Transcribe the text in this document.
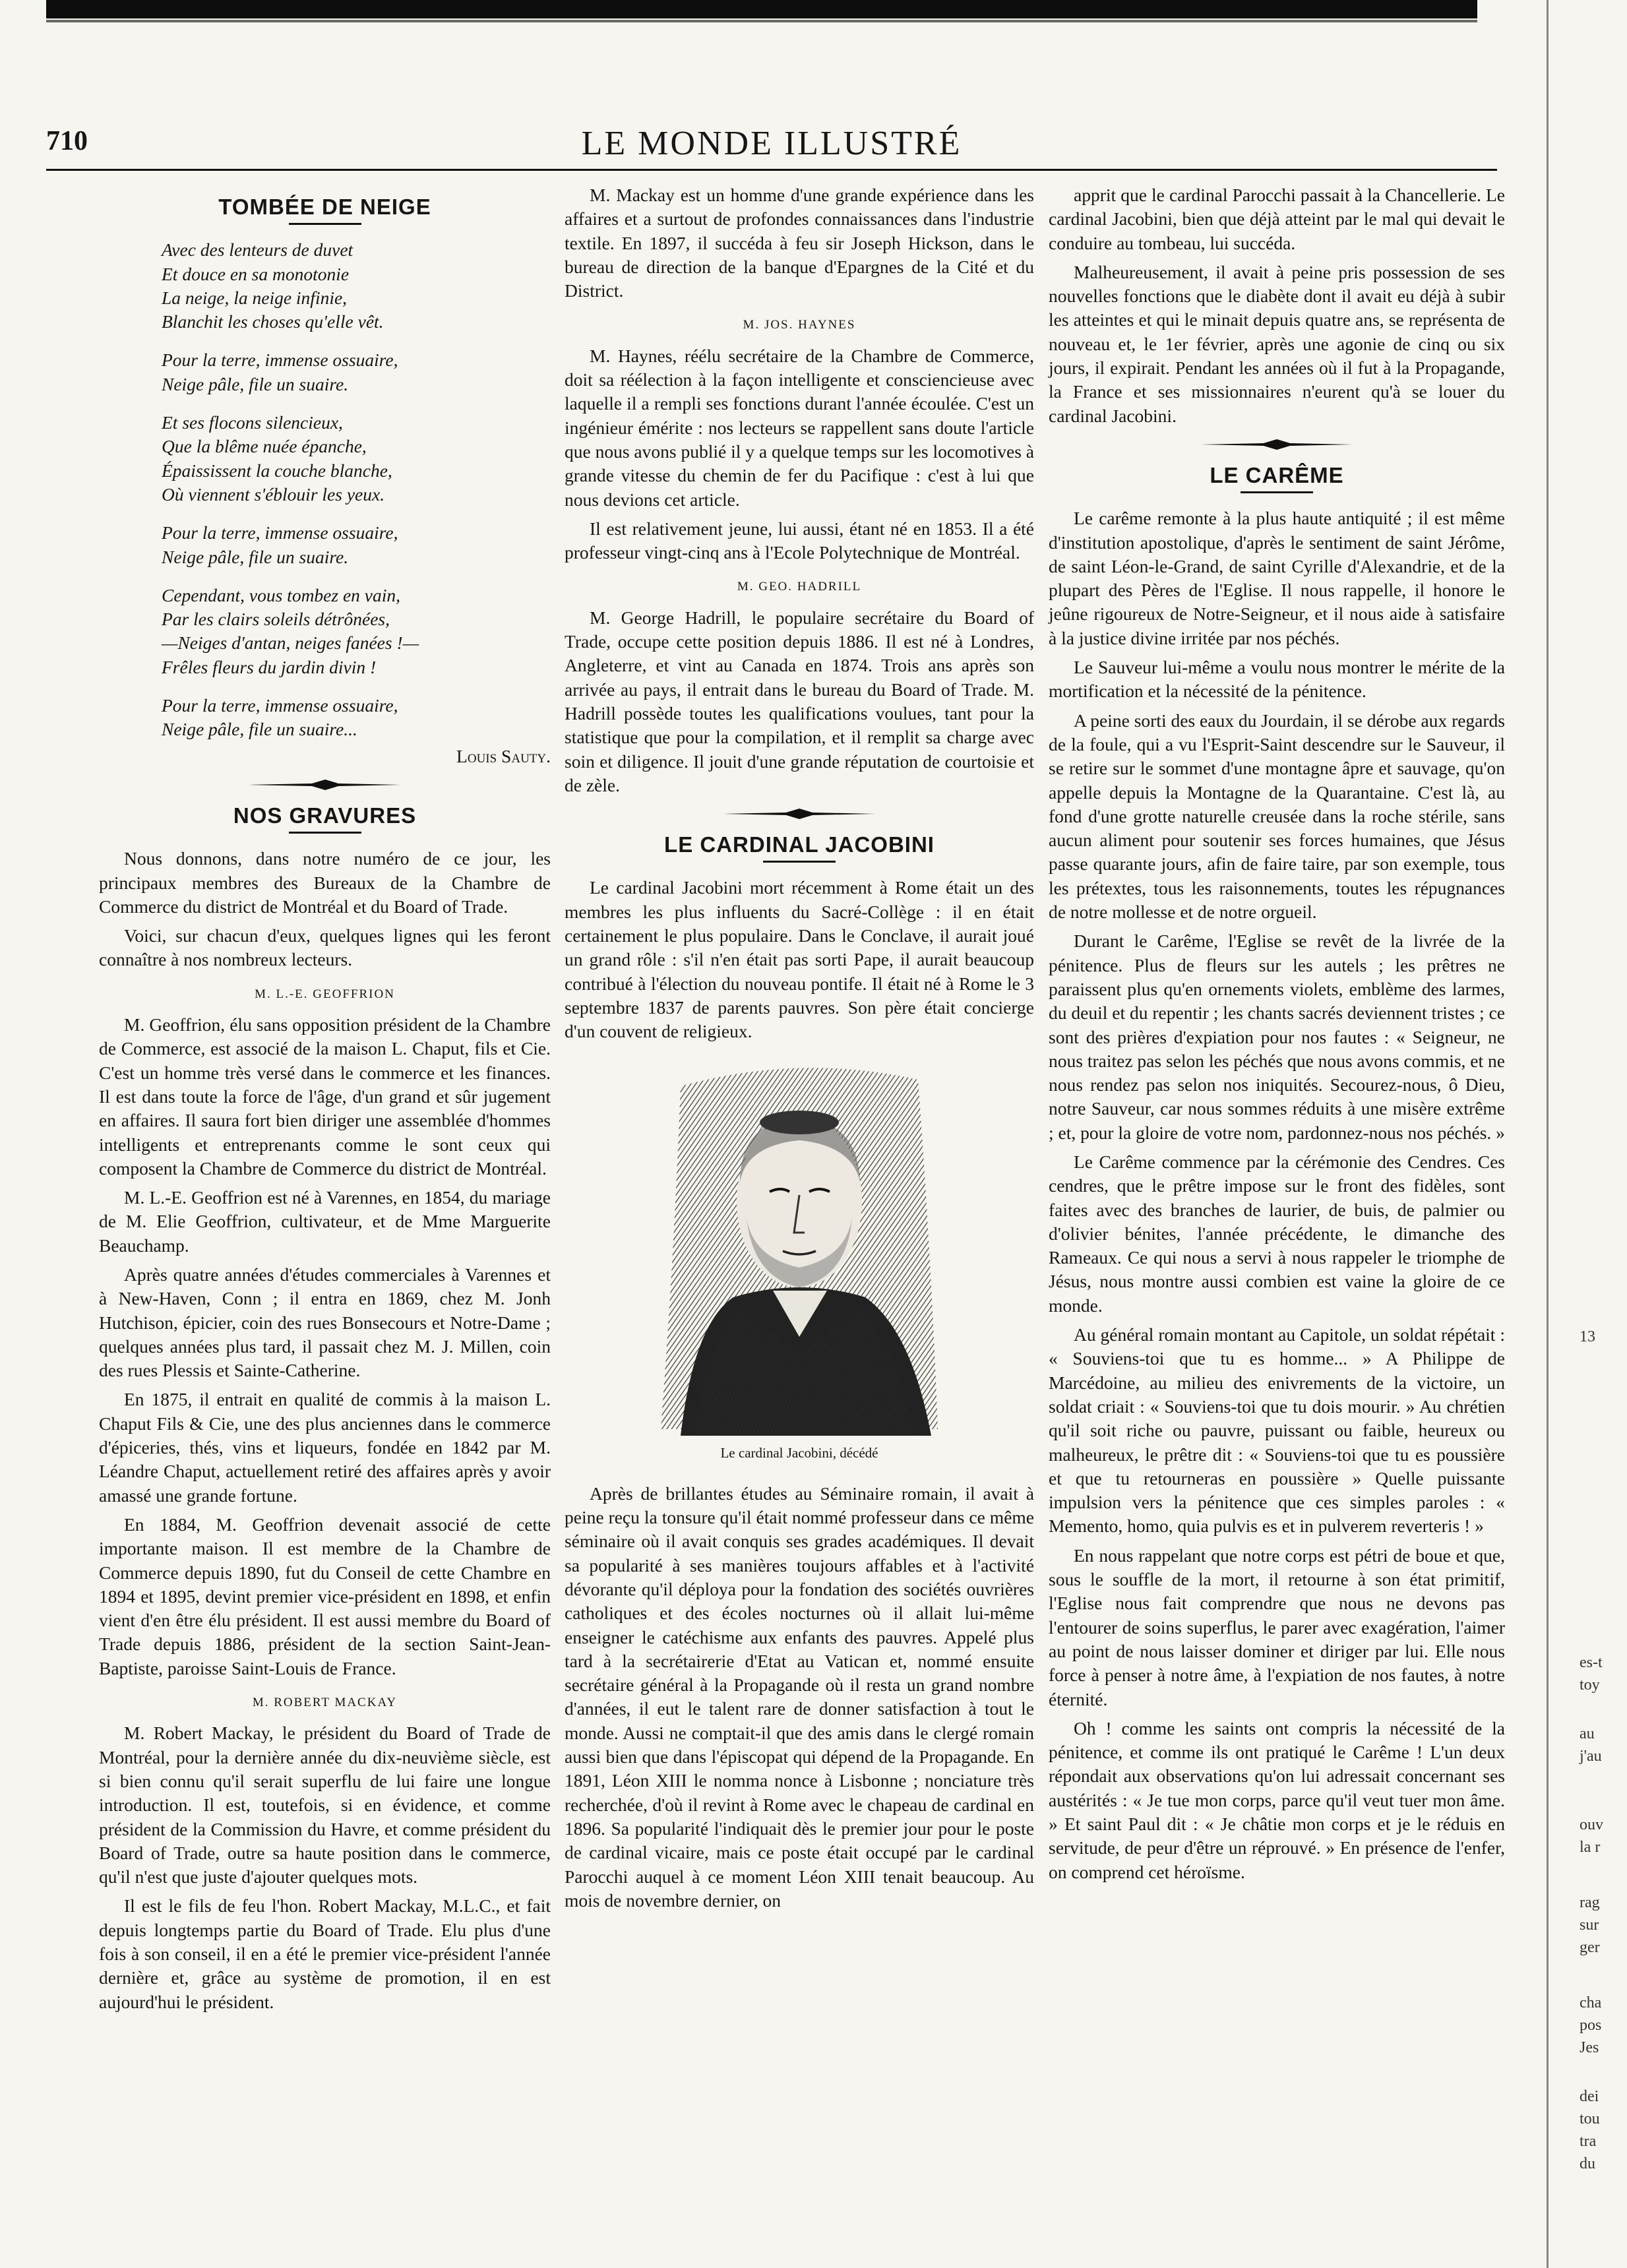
LE MONDE ILLUSTRÉ
710
TOMBÉE DE NEIGE
Avec des lenteurs de duvet
Et douce en sa monotonie
La neige, la neige infinie,
Blanchit les choses qu'elle vêt.
Pour la terre, immense ossuaire,
Neige pâle, file un suaire.
Et ses flocons silencieux,
Que la blême nuée épanche,
Épaississent la couche blanche,
Où viennent s'éblouir les yeux.
Pour la terre, immense ossuaire,
Neige pâle, file un suaire.
Cependant, vous tombez en vain,
Par les clairs soleils détrônées,
—Neiges d'antan, neiges fanées !—
Frêles fleurs du jardin divin !
Pour la terre, immense ossuaire,
Neige pâle, file un suaire...
Louis Sauty.
NOS GRAVURES

Nous donnons, dans notre numéro de ce jour, les principaux membres des Bureaux de la Chambre de Commerce du district de Montréal et du Board of Trade.

Voici, sur chacun d'eux, quelques lignes qui les feront connaître à nos nombreux lecteurs.

M. L.-E. GEOFFRION

M. Geoffrion, élu sans opposition président de la Chambre de Commerce, est associé de la maison L. Chaput, fils et Cie. C'est un homme très versé dans le commerce et les finances. Il est dans toute la force de l'âge, d'un grand et sûr jugement en affaires. Il saura fort bien diriger une assemblée d'hommes intelligents et entreprenants comme le sont ceux qui composent la Chambre de Commerce du district de Montréal.

M. L.-E. Geoffrion est né à Varennes, en 1854, du mariage de M. Elie Geoffrion, cultivateur, et de Mme Marguerite Beauchamp.

Après quatre années d'études commerciales à Varennes et à New-Haven, Conn ; il entra en 1869, chez M. Jonh Hutchison, épicier, coin des rues Bonsecours et Notre-Dame ; quelques années plus tard, il passait chez M. J. Millen, coin des rues Plessis et Sainte-Catherine.

En 1875, il entrait en qualité de commis à la maison L. Chaput Fils & Cie, une des plus anciennes dans le commerce d'épiceries, thés, vins et liqueurs, fondée en 1842 par M. Léandre Chaput, actuellement retiré des affaires après y avoir amassé une grande fortune.

En 1884, M. Geoffrion devenait associé de cette importante maison. Il est membre de la Chambre de Commerce depuis 1890, fut du Conseil de cette Chambre en 1894 et 1895, devint premier vice-président en 1898, et enfin vient d'en être élu président. Il est aussi membre du Board of Trade depuis 1886, président de la section Saint-Jean-Baptiste, paroisse Saint-Louis de France.

M. ROBERT MACKAY

M. Robert Mackay, le président du Board of Trade de Montréal, pour la dernière année du dix-neuvième siècle, est si bien connu qu'il serait superflu de lui faire une longue introduction. Il est, toutefois, si en évidence, et comme président de la Commission du Havre, et comme président du Board of Trade, outre sa haute position dans le commerce, qu'il n'est que juste d'ajouter quelques mots.

Il est le fils de feu l'hon. Robert Mackay, M.L.C., et fait depuis longtemps partie du Board of Trade. Elu plus d'une fois à son conseil, il en a été le premier vice-président l'année dernière et, grâce au système de promotion, il en est aujourd'hui le président.

M. Mackay est un homme d'une grande expérience dans les affaires et a surtout de profondes connaissances dans l'industrie textile. En 1897, il succéda à feu sir Joseph Hickson, dans le bureau de direction de la banque d'Epargnes de la Cité et du District.

M. JOS. HAYNES

M. Haynes, réélu secrétaire de la Chambre de Commerce, doit sa réélection à la façon intelligente et consciencieuse avec laquelle il a rempli ses fonctions durant l'année écoulée. C'est un ingénieur émérite : nos lecteurs se rappellent sans doute l'article que nous avons publié il y a quelque temps sur les locomotives à grande vitesse du chemin de fer du Pacifique : c'est à lui que nous devions cet article.

Il est relativement jeune, lui aussi, étant né en 1853. Il a été professeur vingt-cinq ans à l'Ecole Polytechnique de Montréal.

M. GEO. HADRILL

M. George Hadrill, le populaire secrétaire du Board of Trade, occupe cette position depuis 1886. Il est né à Londres, Angleterre, et vint au Canada en 1874. Trois ans après son arrivée au pays, il entrait dans le bureau du Board of Trade. M. Hadrill possède toutes les qualifications voulues, tant pour la statistique que pour la compilation, et il remplit sa charge avec soin et diligence. Il jouit d'une grande réputation de courtoisie et de zèle.

LE CARDINAL JACOBINI

Le cardinal Jacobini mort récemment à Rome était un des membres les plus influents du Sacré-Collège : il en était certainement le plus populaire. Dans le Conclave, il aurait joué un grand rôle : s'il n'en était pas sorti Pape, il aurait beaucoup contribué à l'élection du nouveau pontife. Il était né à Rome le 3 septembre 1837 de parents pauvres. Son père était concierge d'un couvent de religieux.

Le cardinal Jacobini, décédé

Après de brillantes études au Séminaire romain, il avait à peine reçu la tonsure qu'il était nommé professeur dans ce même séminaire où il avait conquis ses grades académiques. Il devait sa popularité à ses manières toujours affables et à l'activité dévorante qu'il déploya pour la fondation des sociétés ouvrières catholiques et des écoles nocturnes où il allait lui-même enseigner le catéchisme aux enfants des pauvres. Appelé plus tard à la secrétairerie d'Etat au Vatican et, nommé ensuite secrétaire général à la Propagande où il resta un grand nombre d'années, il eut le talent rare de donner satisfaction à tout le monde. Aussi ne comptait-il que des amis dans le clergé romain aussi bien que dans l'épiscopat qui dépend de la Propagande. En 1891, Léon XIII le nomma nonce à Lisbonne ; nonciature très recherchée, d'où il revint à Rome avec le chapeau de cardinal en 1896. Sa popularité l'indiquait dès le premier jour pour le poste de cardinal vicaire, mais ce poste était occupé par le cardinal Parocchi auquel à ce moment Léon XIII tenait beaucoup. Au mois de novembre dernier, on

apprit que le cardinal Parocchi passait à la Chancellerie. Le cardinal Jacobini, bien que déjà atteint par le mal qui devait le conduire au tombeau, lui succéda.

Malheureusement, il avait à peine pris possession de ses nouvelles fonctions que le diabète dont il avait eu déjà à subir les atteintes et qui le minait depuis quatre ans, se représenta de nouveau et, le 1er février, après une agonie de cinq ou six jours, il expirait. Pendant les années où il fut à la Propagande, la France et ses missionnaires n'eurent qu'à se louer du cardinal Jacobini.

LE CARÊME

Le carême remonte à la plus haute antiquité ; il est même d'institution apostolique, d'après le sentiment de saint Jérôme, de saint Léon-le-Grand, de saint Cyrille d'Alexandrie, et de la plupart des Pères de l'Eglise. Il nous rappelle, il honore le jeûne rigoureux de Notre-Seigneur, et il nous aide à satisfaire à la justice divine irritée par nos péchés.

Le Sauveur lui-même a voulu nous montrer le mérite de la mortification et la nécessité de la pénitence.

A peine sorti des eaux du Jourdain, il se dérobe aux regards de la foule, qui a vu l'Esprit-Saint descendre sur le Sauveur, il se retire sur le sommet d'une montagne âpre et sauvage, qu'on appelle depuis la Montagne de la Quarantaine. C'est là, au fond d'une grotte naturelle creusée dans la roche stérile, sans aucun aliment pour soutenir ses forces humaines, que Jésus passe quarante jours, afin de faire taire, par son exemple, tous les prétextes, tous les raisonnements, toutes les répugnances de notre mollesse et de notre orgueil.

Durant le Carême, l'Eglise se revêt de la livrée de la pénitence. Plus de fleurs sur les autels ; les prêtres ne paraissent plus qu'en ornements violets, emblème des larmes, du deuil et du repentir ; les chants sacrés deviennent tristes ; ce sont des prières d'expiation pour nos fautes : « Seigneur, ne nous traitez pas selon les péchés que nous avons commis, et ne nous rendez pas selon nos iniquités. Secourez-nous, ô Dieu, notre Sauveur, car nous sommes réduits à une misère extrême ; et, pour la gloire de votre nom, pardonnez-nous nos péchés. »

Le Carême commence par la cérémonie des Cendres. Ces cendres, que le prêtre impose sur le front des fidèles, sont faites avec des branches de laurier, de buis, de palmier ou d'olivier bénites, l'année précédente, le dimanche des Rameaux. Ce qui nous a servi à nous rappeler le triomphe de Jésus, nous montre aussi combien est vaine la gloire de ce monde.

Au général romain montant au Capitole, un soldat répétait : « Souviens-toi que tu es homme... » A Philippe de Marcédoine, au milieu des enivrements de la victoire, un soldat criait : « Souviens-toi que tu dois mourir. » Au chrétien qu'il soit riche ou pauvre, puissant ou faible, heureux ou malheureux, le prêtre dit : « Souviens-toi que tu es poussière et que tu retourneras en poussière » Quelle puissante impulsion vers la pénitence que ces simples paroles : « Memento, homo, quia pulvis es et in pulverem reverteris ! »

En nous rappelant que notre corps est pétri de boue et que, sous le souffle de la mort, il retourne à son état primitif, l'Eglise nous fait comprendre que nous ne devons pas l'entourer de soins superflus, le parer avec exagération, l'aimer au point de nous laisser dominer et diriger par lui. Elle nous force à penser à notre âme, à l'expiation de nos fautes, à notre éternité.

Oh ! comme les saints ont compris la nécessité de la pénitence, et comme ils ont pratiqué le Carême ! L'un deux répondait aux observations qu'on lui adressait concernant ses austérités : « Je tue mon corps, parce qu'il veut tuer mon âme. » Et saint Paul dit : « Je châtie mon corps et je le réduis en servitude, de peur d'être un réprouvé. » En présence de l'enfer, on comprend cet héroïsme.

13
es-t
toy
au
j'au
ouv
la r
rag
sur
ger
cha
pos
Jes
dei
tou
tra
du
